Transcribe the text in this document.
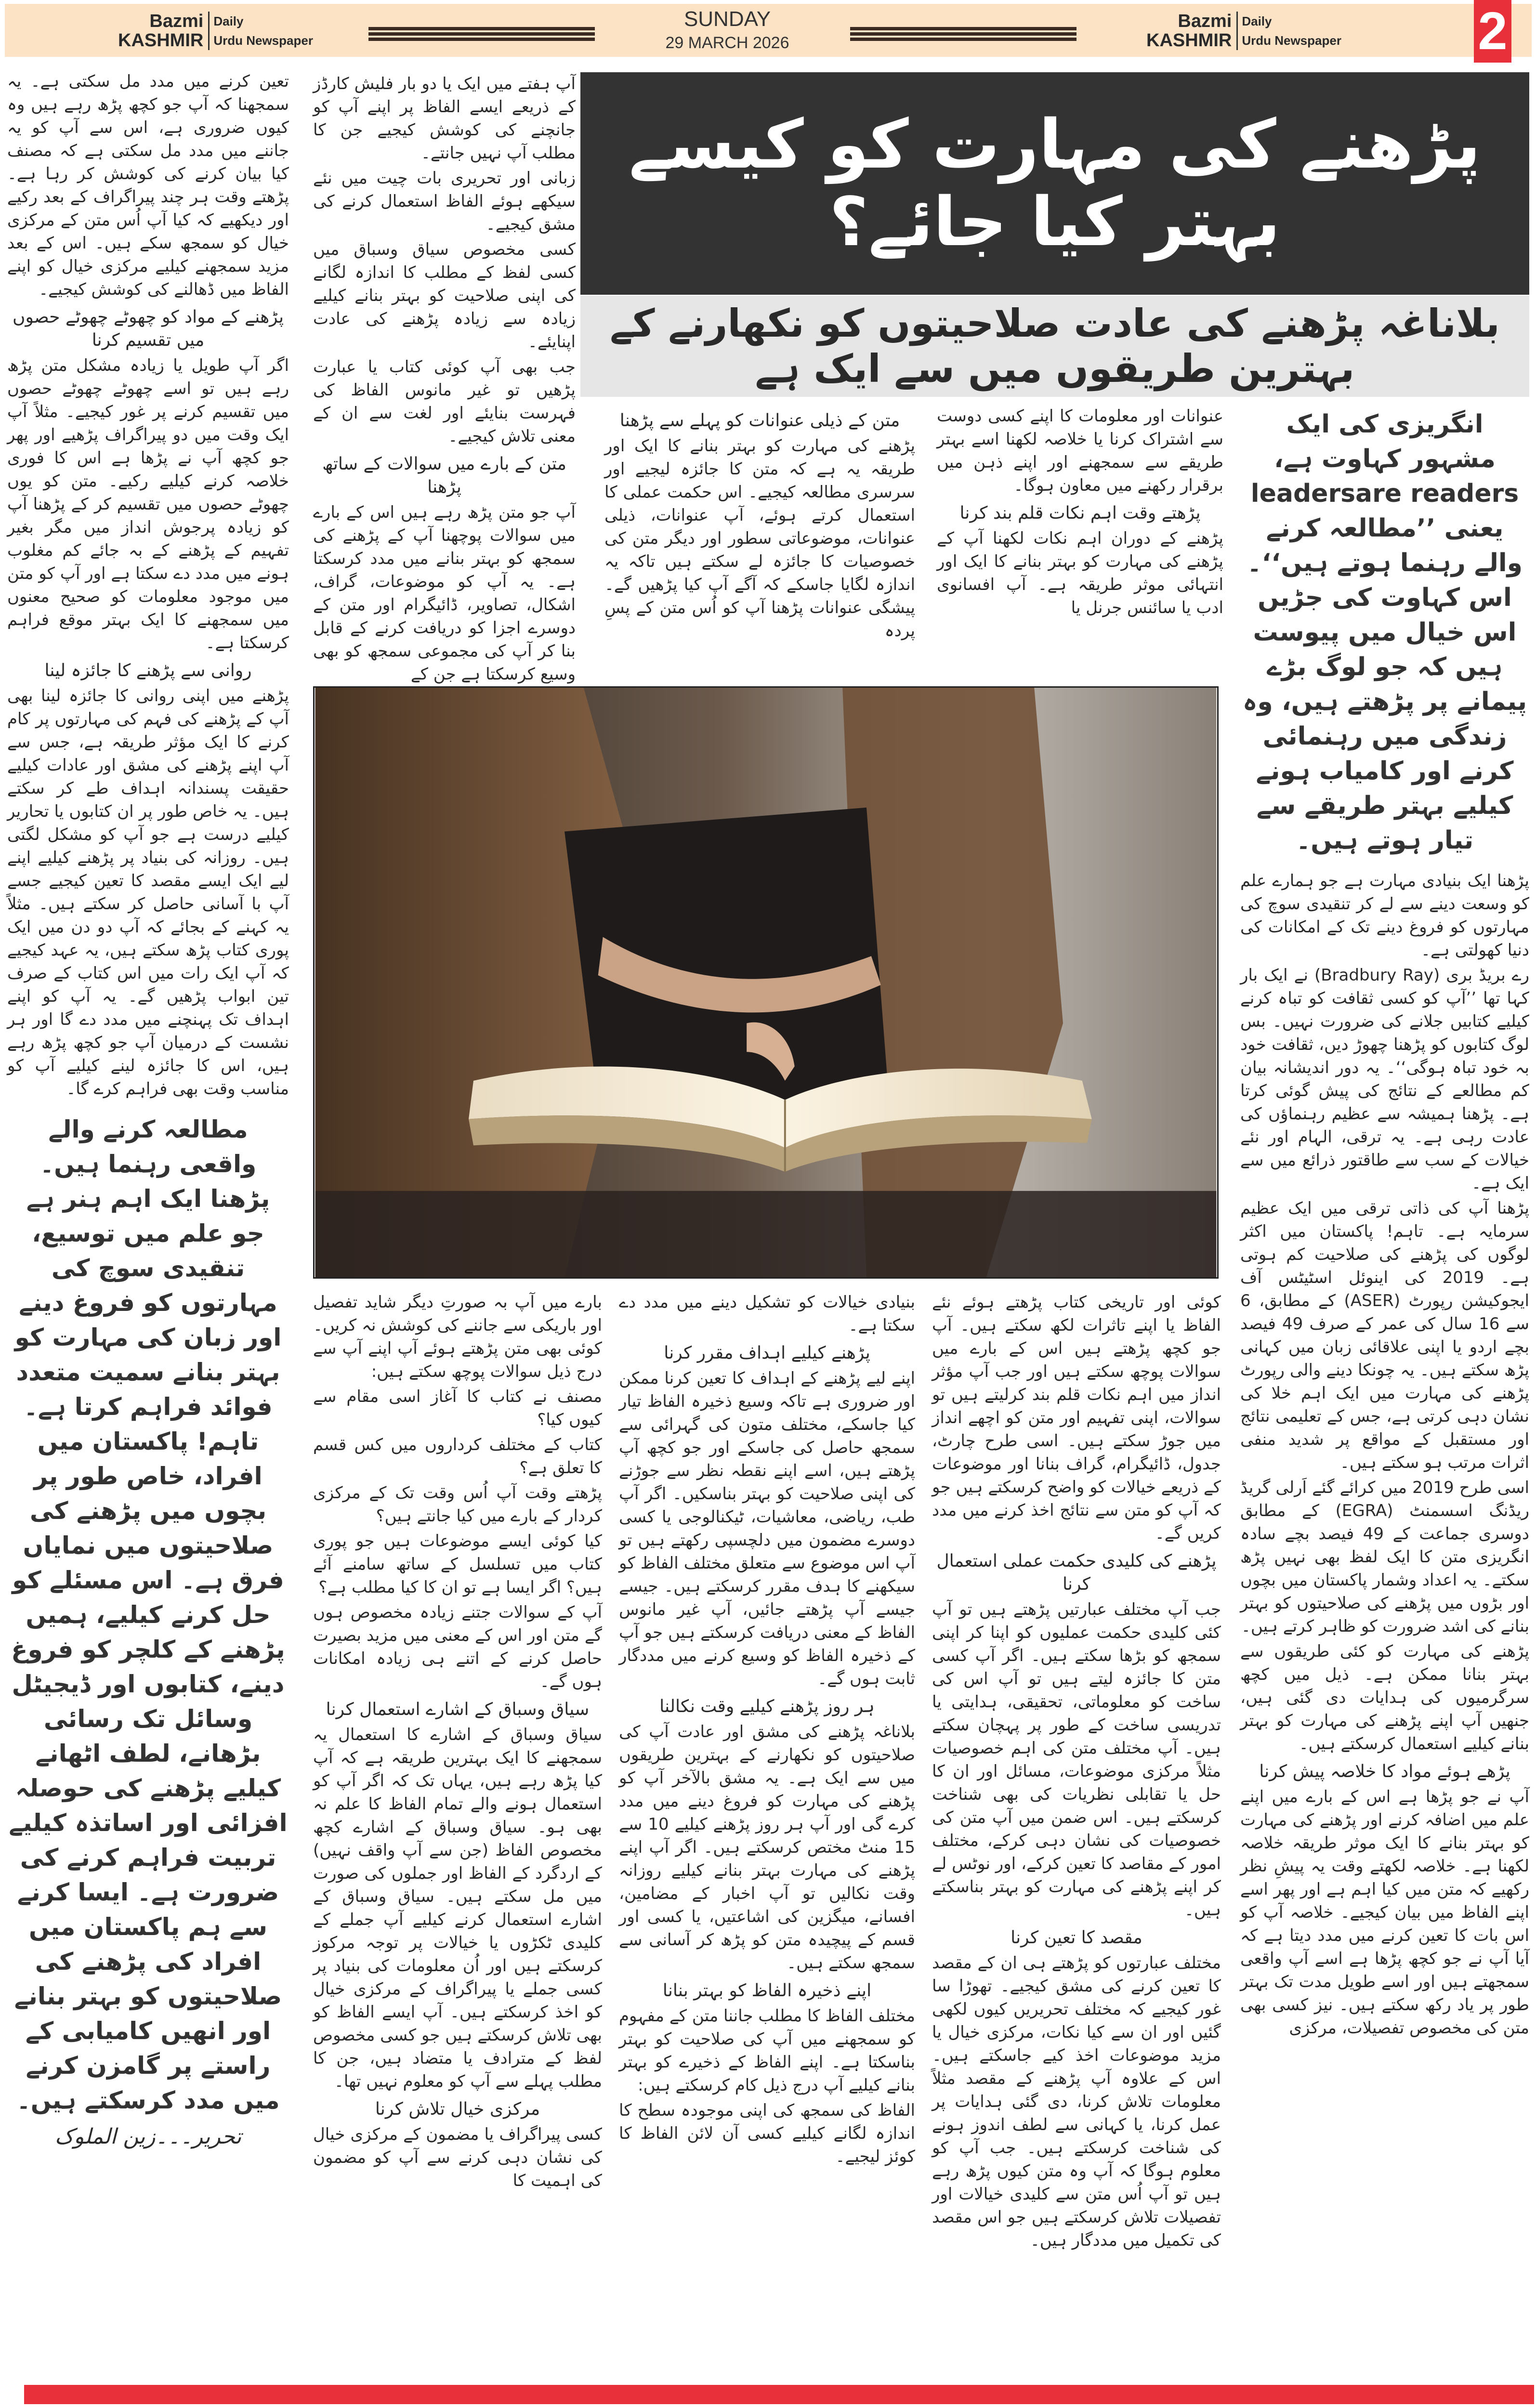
Bazmi
KASHMIR
Daily
Urdu Newspaper
SUNDAY
29 MARCH 2026
Bazmi
KASHMIR
Daily
Urdu Newspaper	2
پڑھنے کی مہارت کو کیسے بہتر کیا جائے؟
بلاناغہ پڑھنے کی عادت صلاحیتوں کو نکھارنے کے بہترین طریقوں میں سے ایک ہے

تعین کرنے میں مدد مل سکتی ہے۔ یہ سمجھنا کہ آپ جو کچھ پڑھ رہے ہیں وہ کیوں ضروری ہے، اس سے آپ کو یہ جاننے میں مدد مل سکتی ہے کہ مصنف کیا بیان کرنے کی کوشش کر رہا ہے۔ پڑھتے وقت ہر چند پیراگراف کے بعد رکیے اور دیکھیے کہ کیا آپ اُس متن کے مرکزی خیال کو سمجھ سکے ہیں۔ اس کے بعد مزید سمجھنے کیلیے مرکزی خیال کو اپنے الفاظ میں ڈھالنے کی کوشش کیجیے۔

پڑھنے کے مواد کو چھوٹے چھوٹے حصوں میں تقسیم کرنا

اگر آپ طویل یا زیادہ مشکل متن پڑھ رہے ہیں تو اسے چھوٹے چھوٹے حصوں میں تقسیم کرنے پر غور کیجیے۔ مثلاً آپ ایک وقت میں دو پیراگراف پڑھیے اور پھر جو کچھ آپ نے پڑھا ہے اس کا فوری خلاصہ کرنے کیلیے رکیے۔ متن کو یوں چھوٹے حصوں میں تقسیم کر کے پڑھنا آپ کو زیادہ پرجوش انداز میں مگر بغیر تفہیم کے پڑھنے کے بہ جائے کم مغلوب ہونے میں مدد دے سکتا ہے اور آپ کو متن میں موجود معلومات کو صحیح معنوں میں سمجھنے کا ایک بہتر موقع فراہم کرسکتا ہے۔

روانی سے پڑھنے کا جائزہ لینا

پڑھنے میں اپنی روانی کا جائزہ لینا بھی آپ کے پڑھنے کی فہم کی مہارتوں پر کام کرنے کا ایک مؤثر طریقہ ہے، جس سے آپ اپنے پڑھنے کی مشق اور عادات کیلیے حقیقت پسندانہ اہداف طے کر سکتے ہیں۔ یہ خاص طور پر ان کتابوں یا تحاریر کیلیے درست ہے جو آپ کو مشکل لگتی ہیں۔ روزانہ کی بنیاد پر پڑھنے کیلیے اپنے لیے ایک ایسے مقصد کا تعین کیجیے جسے آپ با آسانی حاصل کر سکتے ہیں۔ مثلاً یہ کہنے کے بجائے کہ آپ دو دن میں ایک پوری کتاب پڑھ سکتے ہیں، یہ عہد کیجیے کہ آپ ایک رات میں اس کتاب کے صرف تین ابواب پڑھیں گے۔ یہ آپ کو اپنے اہداف تک پہنچنے میں مدد دے گا اور ہر نشست کے درمیان آپ جو کچھ پڑھ رہے ہیں، اس کا جائزہ لینے کیلیے آپ کو مناسب وقت بھی فراہم کرے گا۔

مطالعہ کرنے والے واقعی رہنما ہیں۔ پڑھنا ایک اہم ہنر ہے جو علم میں توسیع، تنقیدی سوچ کی مہارتوں کو فروغ دینے اور زبان کی مہارت کو بہتر بنانے سمیت متعدد فوائد فراہم کرتا ہے۔ تاہم! پاکستان میں افراد، خاص طور پر بچوں میں پڑھنے کی صلاحیتوں میں نمایاں فرق ہے۔ اس مسئلے کو حل کرنے کیلیے، ہمیں پڑھنے کے کلچر کو فروغ دینے، کتابوں اور ڈیجیٹل وسائل تک رسائی بڑھانے، لطف اٹھانے کیلیے پڑھنے کی حوصلہ افزائی اور اساتذہ کیلیے تربیت فراہم کرنے کی ضرورت ہے۔ ایسا کرنے سے ہم پاکستان میں افراد کی پڑھنے کی صلاحیتوں کو بہتر بنانے اور انھیں کامیابی کے راستے پر گامزن کرنے میں مدد کرسکتے ہیں۔
تحریر۔۔۔زین الملوک

آپ ہفتے میں ایک یا دو بار فلیش کارڈز کے ذریعے ایسے الفاظ پر اپنے آپ کو جانچنے کی کوشش کیجیے جن کا مطلب آپ نہیں جانتے۔

زبانی اور تحریری بات چیت میں نئے سیکھے ہوئے الفاظ استعمال کرنے کی مشق کیجیے۔

کسی مخصوص سیاق وسباق میں کسی لفظ کے مطلب کا اندازہ لگانے کی اپنی صلاحیت کو بہتر بنانے کیلیے زیادہ سے زیادہ پڑھنے کی عادت اپنایئے۔

جب بھی آپ کوئی کتاب یا عبارت پڑھیں تو غیر مانوس الفاظ کی فہرست بنایئے اور لغت سے ان کے معنی تلاش کیجیے۔

متن کے بارے میں سوالات کے ساتھ پڑھنا

آپ جو متن پڑھ رہے ہیں اس کے بارے میں سوالات پوچھنا آپ کے پڑھنے کی سمجھ کو بہتر بنانے میں مدد کرسکتا ہے۔ یہ آپ کو موضوعات، گراف، اشکال، تصاویر، ڈائیگرام اور متن کے دوسرے اجزا کو دریافت کرنے کے قابل بنا کر آپ کی مجموعی سمجھ کو بھی وسیع کرسکتا ہے جن کے

متن کے ذیلی عنوانات کو پہلے سے پڑھنا

پڑھنے کی مہارت کو بہتر بنانے کا ایک اور طریقہ یہ ہے کہ متن کا جائزہ لیجیے اور سرسری مطالعہ کیجیے۔ اس حکمت عملی کا استعمال کرتے ہوئے، آپ عنوانات، ذیلی عنوانات، موضوعاتی سطور اور دیگر متن کی خصوصیات کا جائزہ لے سکتے ہیں تاکہ یہ اندازہ لگایا جاسکے کہ آگے آپ کیا پڑھیں گے۔ پیشگی عنوانات پڑھنا آپ کو اُس متن کے پسِ پردہ

عنوانات اور معلومات کا اپنے کسی دوست سے اشتراک کرنا یا خلاصہ لکھنا اسے بہتر طریقے سے سمجھنے اور اپنے ذہن میں برقرار رکھنے میں معاون ہوگا۔

پڑھتے وقت اہم نکات قلم بند کرنا

پڑھنے کے دوران اہم نکات لکھنا آپ کے پڑھنے کی مہارت کو بہتر بنانے کا ایک اور انتہائی موثر طریقہ ہے۔ آپ افسانوی ادب یا سائنس جرنل یا

انگریزی کی ایک مشہور کہاوت ہے، leadersare readers یعنی ’’مطالعہ کرنے والے رہنما ہوتے ہیں‘‘۔اس کہاوت کی جڑیں اس خیال میں پیوست ہیں کہ جو لوگ بڑے پیمانے پر پڑھتے ہیں، وہ زندگی میں رہنمائی کرنے اور کامیاب ہونے کیلیے بہتر طریقے سے تیار ہوتے ہیں۔

پڑھنا ایک بنیادی مہارت ہے جو ہمارے علم کو وسعت دینے سے لے کر تنقیدی سوچ کی مہارتوں کو فروغ دینے تک کے امکانات کی دنیا کھولتی ہے۔

رے بریڈ بری (Bradbury Ray) نے ایک بار کہا تھا ’’آپ کو کسی ثقافت کو تباہ کرنے کیلیے کتابیں جلانے کی ضرورت نہیں۔ بس لوگ کتابوں کو پڑھنا چھوڑ دیں، ثقافت خود بہ خود تباہ ہوگی‘‘۔ یہ دور اندیشانہ بیان کم مطالعے کے نتائج کی پیش گوئی کرتا ہے۔ پڑھنا ہمیشہ سے عظیم رہنماؤں کی عادت رہی ہے۔ یہ ترقی، الہام اور نئے خیالات کے سب سے طاقتور ذرائع میں سے ایک ہے۔

پڑھنا آپ کی ذاتی ترقی میں ایک عظیم سرمایہ ہے۔ تاہم! پاکستان میں اکثر لوگوں کی پڑھنے کی صلاحیت کم ہوتی ہے۔ 2019 کی اینوئل اسٹیٹس آف ایجوکیشن رپورٹ (ASER) کے مطابق، 6 سے 16 سال کی عمر کے صرف 49 فیصد بچے اردو یا اپنی علاقائی زبان میں کہانی پڑھ سکتے ہیں۔ یہ چونکا دینے والی رپورٹ پڑھنے کی مہارت میں ایک اہم خلا کی نشان دہی کرتی ہے، جس کے تعلیمی نتائج اور مستقبل کے مواقع پر شدید منفی اثرات مرتب ہو سکتے ہیں۔

اسی طرح 2019 میں کرائے گئے اَرلی گریڈ ریڈنگ اسسمنٹ (EGRA) کے مطابق دوسری جماعت کے 49 فیصد بچے سادہ انگریزی متن کا ایک لفظ بھی نہیں پڑھ سکتے۔ یہ اعداد وشمار پاکستان میں بچوں اور بڑوں میں پڑھنے کی صلاحیتوں کو بہتر بنانے کی اشد ضرورت کو ظاہر کرتے ہیں۔

پڑھنے کی مہارت کو کئی طریقوں سے بہتر بنانا ممکن ہے۔ ذیل میں کچھ سرگرمیوں کی ہدایات دی گئی ہیں، جنھیں آپ اپنے پڑھنے کی مہارت کو بہتر بنانے کیلیے استعمال کرسکتے ہیں۔

پڑھے ہوئے مواد کا خلاصہ پیش کرنا

آپ نے جو پڑھا ہے اس کے بارے میں اپنے علم میں اضافہ کرنے اور پڑھنے کی مہارت کو بہتر بنانے کا ایک موثر طریقہ خلاصہ لکھنا ہے۔ خلاصہ لکھتے وقت یہ پیشِ نظر رکھیے کہ متن میں کیا اہم ہے اور پھر اسے اپنے الفاظ میں بیان کیجیے۔ خلاصہ آپ کو اس بات کا تعین کرنے میں مدد دیتا ہے کہ آیا آپ نے جو کچھ پڑھا ہے اسے آپ واقعی سمجھتے ہیں اور اسے طویل مدت تک بہتر طور پر یاد رکھ سکتے ہیں۔ نیز کسی بھی متن کی مخصوص تفصیلات، مرکزی

بارے میں آپ بہ صورتِ دیگر شاید تفصیل اور باریکی سے جاننے کی کوشش نہ کریں۔ کوئی بھی متن پڑھتے ہوئے آپ اپنے آپ سے درج ذیل سوالات پوچھ سکتے ہیں:

مصنف نے کتاب کا آغاز اسی مقام سے کیوں کیا؟

کتاب کے مختلف کرداروں میں کس قسم کا تعلق ہے؟

پڑھتے وقت آپ اُس وقت تک کے مرکزی کردار کے بارے میں کیا جانتے ہیں؟

کیا کوئی ایسے موضوعات ہیں جو پوری کتاب میں تسلسل کے ساتھ سامنے آئے ہیں؟ اگر ایسا ہے تو ان کا کیا مطلب ہے؟

آپ کے سوالات جتنے زیادہ مخصوص ہوں گے متن اور اس کے معنی میں مزید بصیرت حاصل کرنے کے اتنے ہی زیادہ امکانات ہوں گے۔

سیاق وسباق کے اشارے استعمال کرنا

سیاق وسباق کے اشارے کا استعمال یہ سمجھنے کا ایک بہترین طریقہ ہے کہ آپ کیا پڑھ رہے ہیں، یہاں تک کہ اگر آپ کو استعمال ہونے والے تمام الفاظ کا علم نہ بھی ہو۔ سیاق وسباق کے اشارے کچھ مخصوص الفاظ (جن سے آپ واقف نہیں) کے اردگرد کے الفاظ اور جملوں کی صورت میں مل سکتے ہیں۔ سیاق وسباق کے اشارے استعمال کرنے کیلیے آپ جملے کے کلیدی ٹکڑوں یا خیالات پر توجہ مرکوز کرسکتے ہیں اور اُن معلومات کی بنیاد پر کسی جملے یا پیراگراف کے مرکزی خیال کو اخذ کرسکتے ہیں۔ آپ ایسے الفاظ کو بھی تلاش کرسکتے ہیں جو کسی مخصوص لفظ کے مترادف یا متضاد ہیں، جن کا مطلب پہلے سے آپ کو معلوم نہیں تھا۔

مرکزی خیال تلاش کرنا

کسی پیراگراف یا مضمون کے مرکزی خیال کی نشان دہی کرنے سے آپ کو مضمون کی اہمیت کا

بنیادی خیالات کو تشکیل دینے میں مدد دے سکتا ہے۔

پڑھنے کیلیے اہداف مقرر کرنا

اپنے لیے پڑھنے کے اہداف کا تعین کرنا ممکن اور ضروری ہے تاکہ وسیع ذخیرہ الفاظ تیار کیا جاسکے، مختلف متون کی گہرائی سے سمجھ حاصل کی جاسکے اور جو کچھ آپ پڑھتے ہیں، اسے اپنے نقطہ نظر سے جوڑنے کی اپنی صلاحیت کو بہتر بناسکیں۔ اگر آپ طب، ریاضی، معاشیات، ٹیکنالوجی یا کسی دوسرے مضمون میں دلچسپی رکھتے ہیں تو آپ اس موضوع سے متعلق مختلف الفاظ کو سیکھنے کا ہدف مقرر کرسکتے ہیں۔ جیسے جیسے آپ پڑھتے جائیں، آپ غیر مانوس الفاظ کے معنی دریافت کرسکتے ہیں جو آپ کے ذخیرہ الفاظ کو وسیع کرنے میں مددگار ثابت ہوں گے۔

ہر روز پڑھنے کیلیے وقت نکالنا

بلاناغہ پڑھنے کی مشق اور عادت آپ کی صلاحیتوں کو نکھارنے کے بہترین طریقوں میں سے ایک ہے۔ یہ مشق بالآخر آپ کو پڑھنے کی مہارت کو فروغ دینے میں مدد کرے گی اور آپ ہر روز پڑھنے کیلیے 10 سے 15 منٹ مختص کرسکتے ہیں۔ اگر آپ اپنے پڑھنے کی مہارت بہتر بنانے کیلیے روزانہ وقت نکالیں تو آپ اخبار کے مضامین، افسانے، میگزین کی اشاعتیں، یا کسی اور قسم کے پیچیدہ متن کو پڑھ کر آسانی سے سمجھ سکتے ہیں۔

اپنے ذخیرہ الفاظ کو بہتر بنانا

مختلف الفاظ کا مطلب جاننا متن کے مفہوم کو سمجھنے میں آپ کی صلاحیت کو بہتر بناسکتا ہے۔ اپنے الفاظ کے ذخیرے کو بہتر بنانے کیلیے آپ درج ذیل کام کرسکتے ہیں:

الفاظ کی سمجھ کی اپنی موجودہ سطح کا اندازہ لگانے کیلیے کسی آن لائن الفاظ کا کوئز لیجیے۔

کوئی اور تاریخی کتاب پڑھتے ہوئے نئے الفاظ یا اپنے تاثرات لکھ سکتے ہیں۔ آپ جو کچھ پڑھتے ہیں اس کے بارے میں سوالات پوچھ سکتے ہیں اور جب آپ مؤثر انداز میں اہم نکات قلم بند کرلیتے ہیں تو سوالات، اپنی تفہیم اور متن کو اچھے انداز میں جوڑ سکتے ہیں۔ اسی طرح چارٹ، جدول، ڈائیگرام، گراف بنانا اور موضوعات کے ذریعے خیالات کو واضح کرسکتے ہیں جو کہ آپ کو متن سے نتائج اخذ کرنے میں مدد کریں گے۔

پڑھنے کی کلیدی حکمت عملی استعمال کرنا

جب آپ مختلف عبارتیں پڑھتے ہیں تو آپ کئی کلیدی حکمت عملیوں کو اپنا کر اپنی سمجھ کو بڑھا سکتے ہیں۔ اگر آپ کسی متن کا جائزہ لیتے ہیں تو آپ اس کی ساخت کو معلوماتی، تحقیقی، ہدایتی یا تدریسی ساخت کے طور پر پہچان سکتے ہیں۔ آپ مختلف متن کی اہم خصوصیات مثلاً مرکزی موضوعات، مسائل اور ان کا حل یا تقابلی نظریات کی بھی شناخت کرسکتے ہیں۔ اس ضمن میں آپ متن کی خصوصیات کی نشان دہی کرکے، مختلف امور کے مقاصد کا تعین کرکے، اور نوٹس لے کر اپنے پڑھنے کی مہارت کو بہتر بناسکتے ہیں۔

مقصد کا تعین کرنا

مختلف عبارتوں کو پڑھتے ہی ان کے مقصد کا تعین کرنے کی مشق کیجیے۔ تھوڑا سا غور کیجیے کہ مختلف تحریریں کیوں لکھی گئیں اور ان سے کیا نکات، مرکزی خیال یا مزید موضوعات اخذ کیے جاسکتے ہیں۔ اس کے علاوہ آپ پڑھنے کے مقصد مثلاً معلومات تلاش کرنا، دی گئی ہدایات پر عمل کرنا، یا کہانی سے لطف اندوز ہونے کی شناخت کرسکتے ہیں۔ جب آپ کو معلوم ہوگا کہ آپ وہ متن کیوں پڑھ رہے ہیں تو آپ اُس متن سے کلیدی خیالات اور تفصیلات تلاش کرسکتے ہیں جو اس مقصد کی تکمیل میں مددگار ہیں۔
